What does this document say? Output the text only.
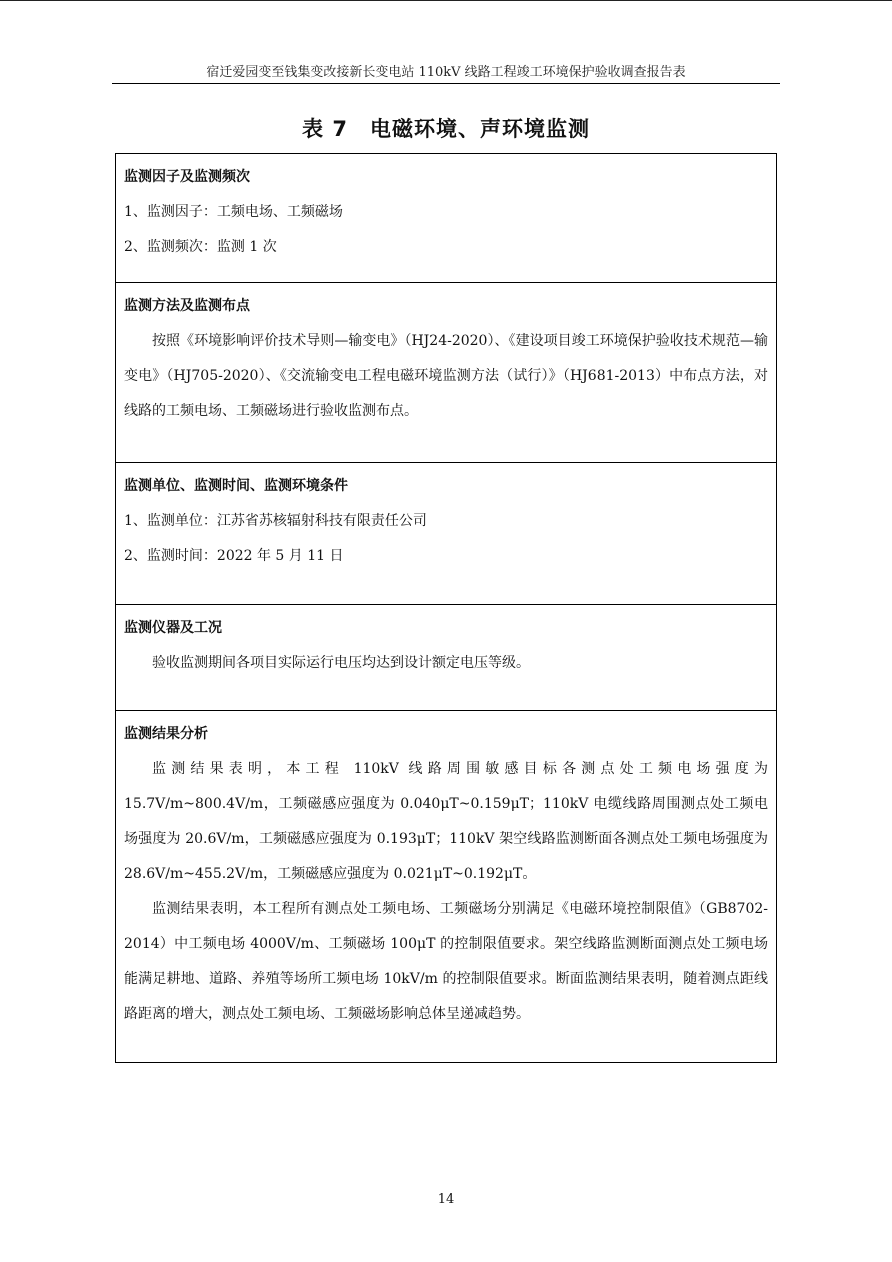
宿迁爱园变至钱集变改接新长变电站 110kV 线路工程竣工环境保护验收调查报告表
表 7　电磁环境、声环境监测
监测因子及监测频次
1、监测因子：工频电场、工频磁场
2、监测频次：监测 1 次
监测方法及监测布点
按照《环境影响评价技术导则—输变电》（HJ24-2020）、《建设项目竣工环境保护验收技术规范—输变电》（HJ705-2020）、《交流输变电工程电磁环境监测方法（试行）》（HJ681-2013）中布点方法，对线路的工频电场、工频磁场进行验收监测布点。
监测单位、监测时间、监测环境条件
1、监测单位：江苏省苏核辐射科技有限责任公司
2、监测时间：2022 年 5 月 11 日
监测仪器及工况
验收监测期间各项目实际运行电压均达到设计额定电压等级。
监测结果分析
监测结果表明，本工程 110kV 线路周围敏感目标各测点处工频电场强度为 15.7V/m~800.4V/m，工频磁感应强度为 0.040μT~0.159μT；110kV 电缆线路周围测点处工频电场强度为 20.6V/m，工频磁感应强度为 0.193μT；110kV 架空线路监测断面各测点处工频电场强度为 28.6V/m~455.2V/m，工频磁感应强度为 0.021μT~0.192μT。
监测结果表明，本工程所有测点处工频电场、工频磁场分别满足《电磁环境控制限值》（GB8702-2014）中工频电场 4000V/m、工频磁场 100μT 的控制限值要求。架空线路监测断面测点处工频电场能满足耕地、道路、养殖等场所工频电场 10kV/m 的控制限值要求。断面监测结果表明，随着测点距线路距离的增大，测点处工频电场、工频磁场影响总体呈递减趋势。
14
